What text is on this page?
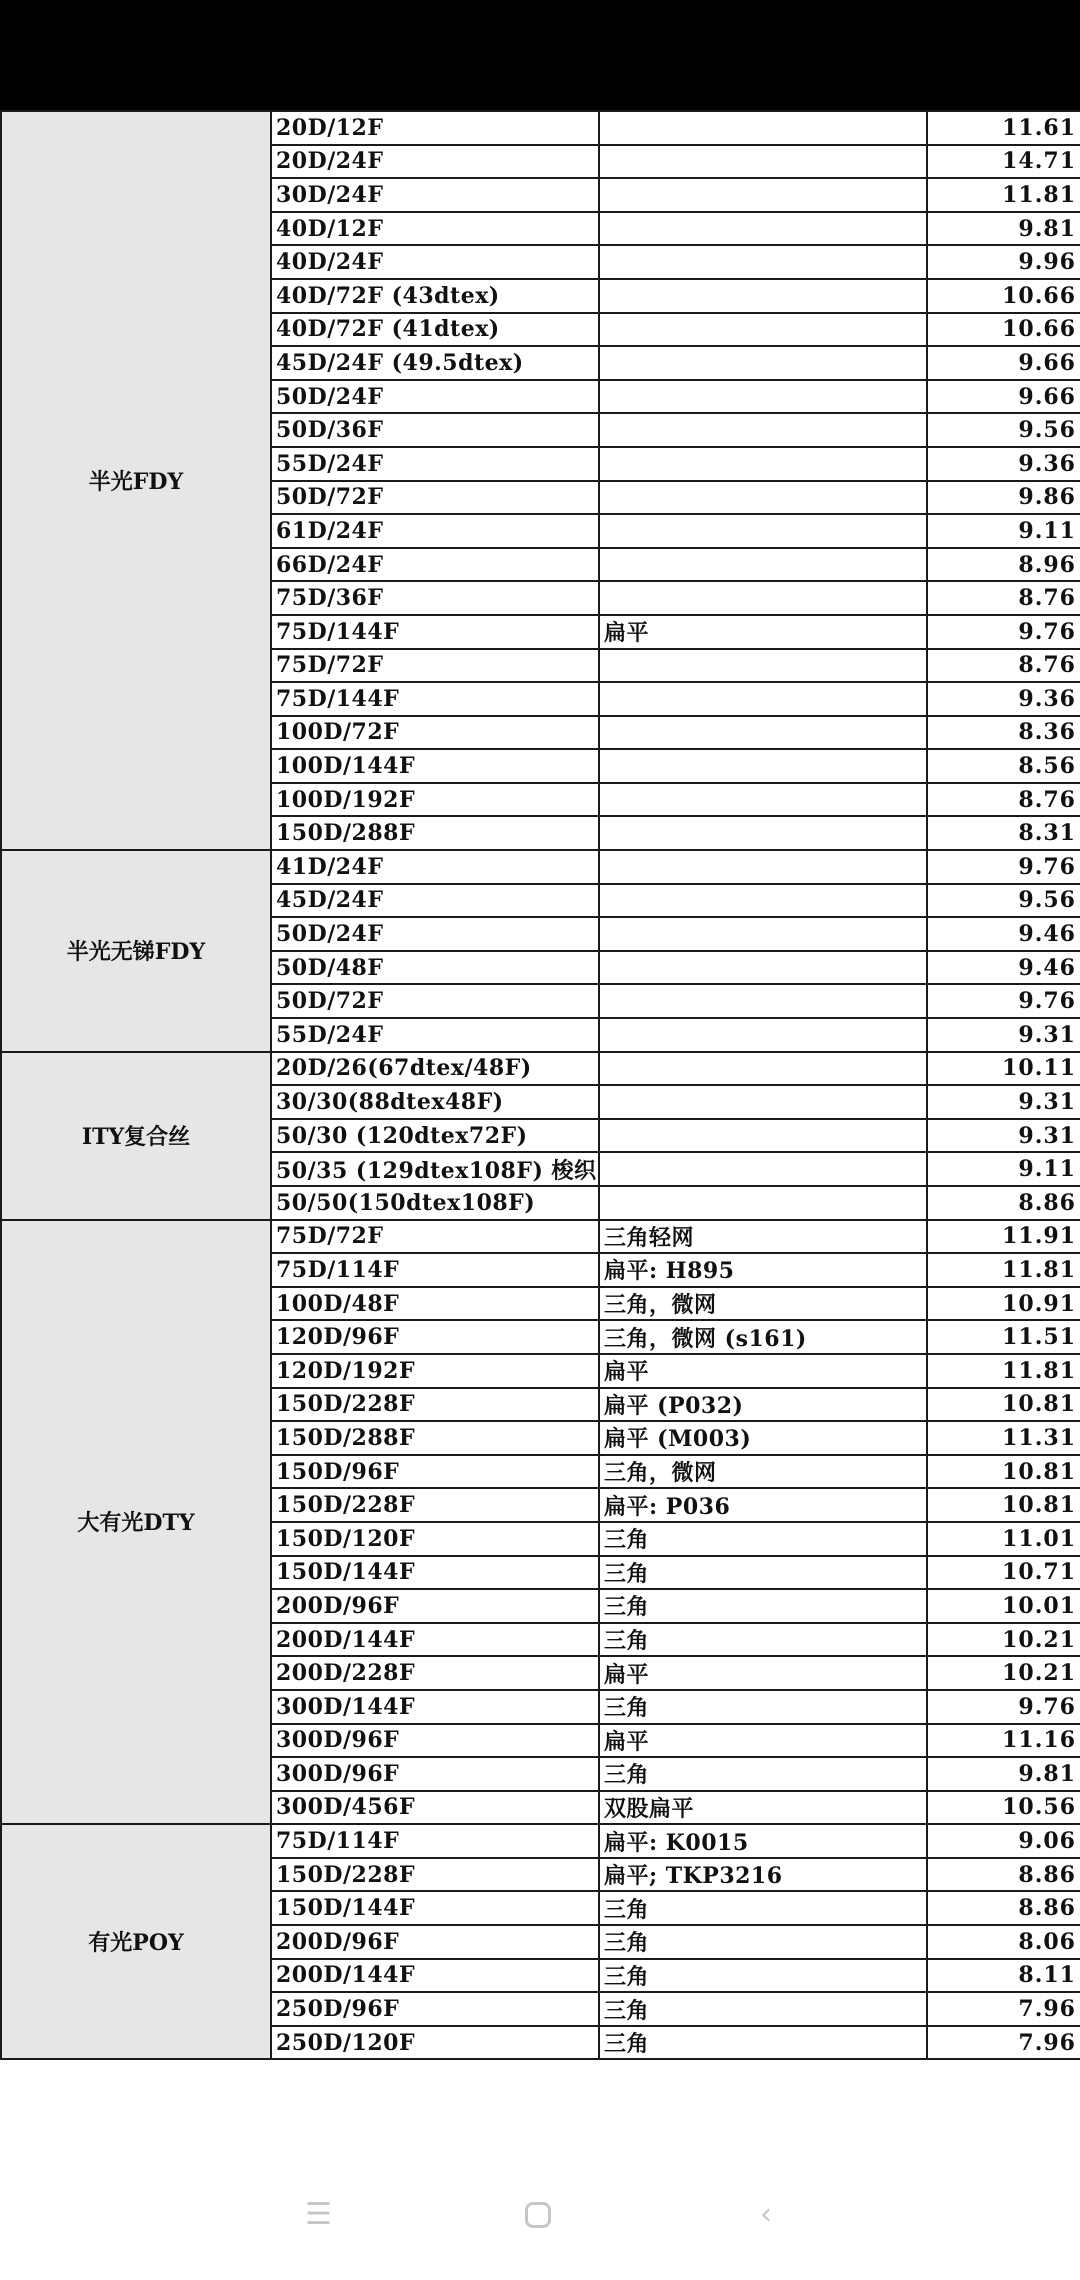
半光FDY	20D/12F		11.61
	20D/24F		14.71
	30D/24F		11.81
	40D/12F		9.81
	40D/24F		9.96
	40D/72F (43dtex)		10.66
	40D/72F (41dtex)		10.66
	45D/24F (49.5dtex)		9.66
	50D/24F		9.66
	50D/36F		9.56
	55D/24F		9.36
	50D/72F		9.86
	61D/24F		9.11
	66D/24F		8.96
	75D/36F		8.76
	75D/144F	扁平	9.76
	75D/72F		8.76
	75D/144F		9.36
	100D/72F		8.36
	100D/144F		8.56
	100D/192F		8.76
	150D/288F		8.31
半光无锑FDY	41D/24F		9.76
	45D/24F		9.56
	50D/24F		9.46
	50D/48F		9.46
	50D/72F		9.76
	55D/24F		9.31
ITY复合丝	20D/26(67dtex/48F)		10.11
	30/30(88dtex48F)		9.31
	50/30 (120dtex72F)		9.31
	50/35 (129dtex108F) 梭织		9.11
	50/50(150dtex108F)		8.86
大有光DTY	75D/72F	三角轻网	11.91
	75D/114F	扁平: H895	11.81
	100D/48F	三角，微网	10.91
	120D/96F	三角，微网 (s161)	11.51
	120D/192F	扁平	11.81
	150D/228F	扁平 (P032)	10.81
	150D/288F	扁平 (M003)	11.31
	150D/96F	三角，微网	10.81
	150D/228F	扁平: P036	10.81
	150D/120F	三角	11.01
	150D/144F	三角	10.71
	200D/96F	三角	10.01
	200D/144F	三角	10.21
	200D/228F	扁平	10.21
	300D/144F	三角	9.76
	300D/96F	扁平	11.16
	300D/96F	三角	9.81
	300D/456F	双股扁平	10.56
有光POY	75D/114F	扁平: K0015	9.06
	150D/228F	扁平; TKP3216	8.86
	150D/144F	三角	8.86
	200D/96F	三角	8.06
	200D/144F	三角	8.11
	250D/96F	三角	7.96
	250D/120F	三角	7.96
☰	‹
